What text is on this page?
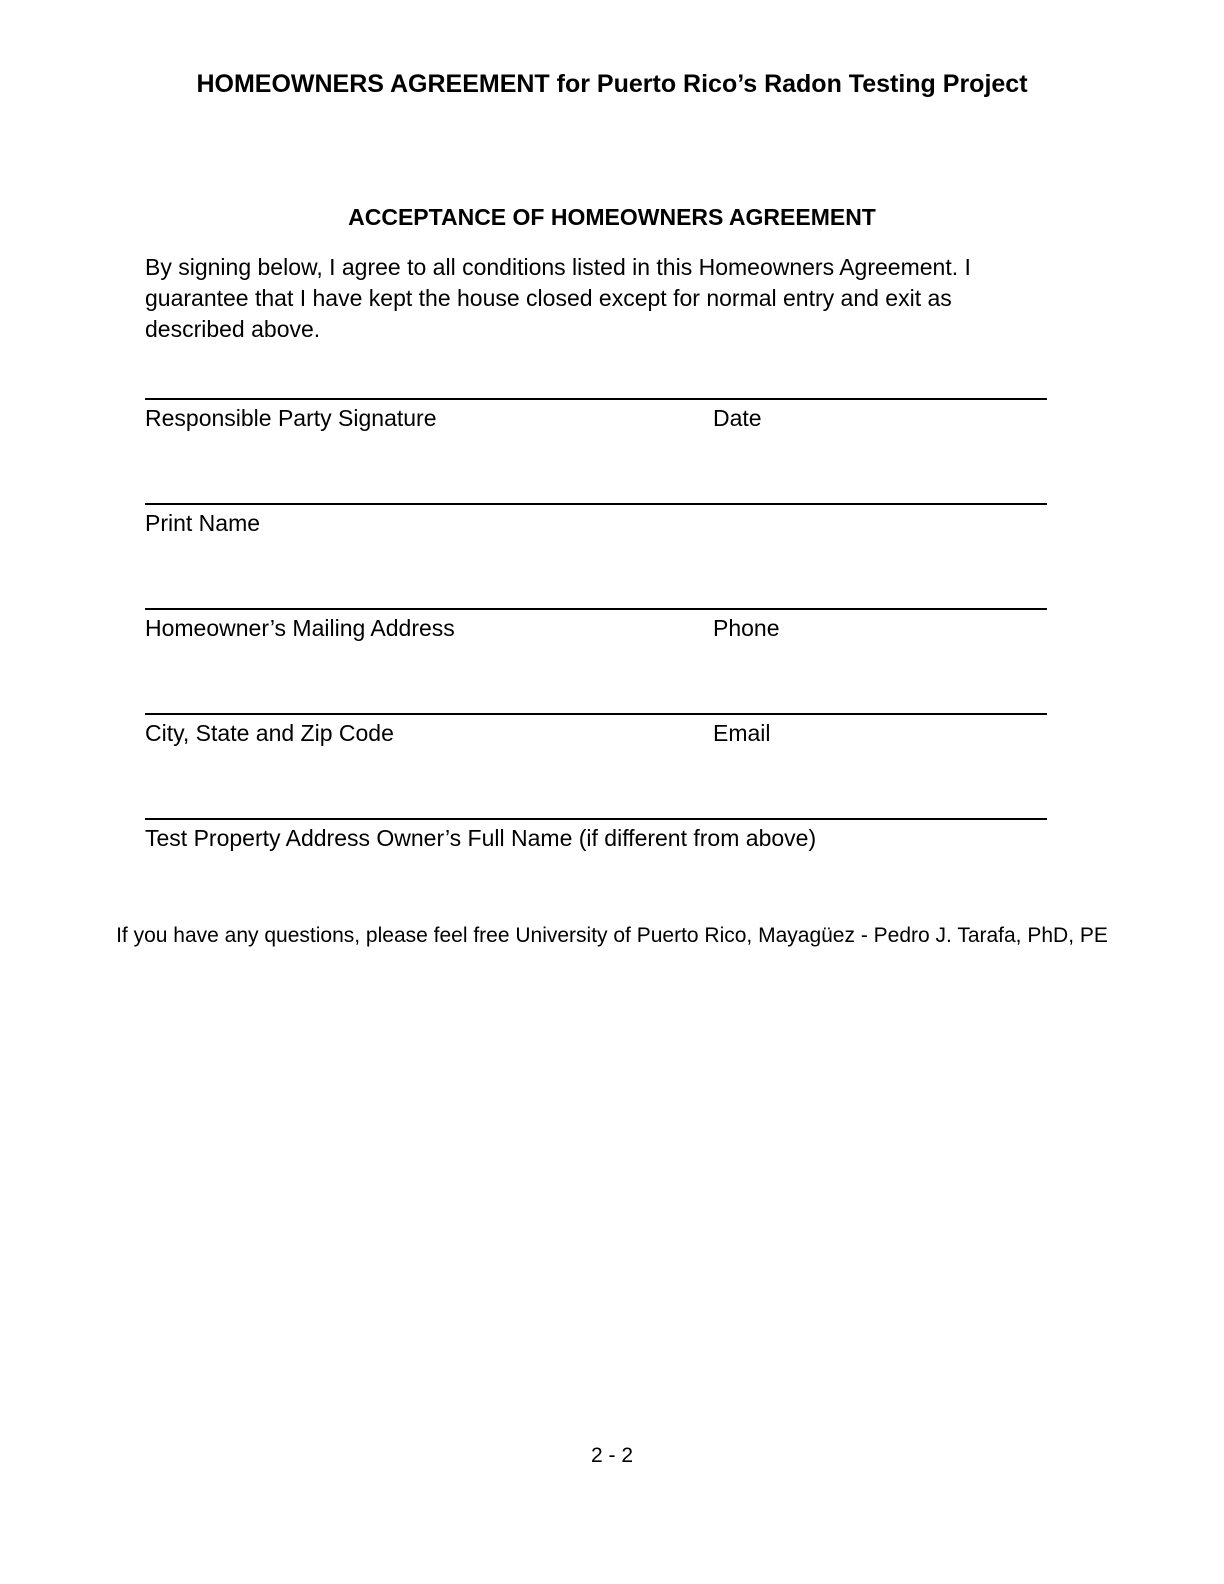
HOMEOWNERS AGREEMENT for Puerto Rico’s Radon Testing Project
ACCEPTANCE OF HOMEOWNERS AGREEMENT
By signing below, I agree to all conditions listed in this Homeowners Agreement. I guarantee that I have kept the house closed except for normal entry and exit as described above.
Responsible Party Signature	Date
Print Name
Homeowner’s Mailing Address	Phone
City, State and Zip Code	Email
Test Property Address Owner’s Full Name (if different from above)
If you have any questions, please feel free University of Puerto Rico, Mayagüez - Pedro J. Tarafa, PhD, PE
2 - 2
